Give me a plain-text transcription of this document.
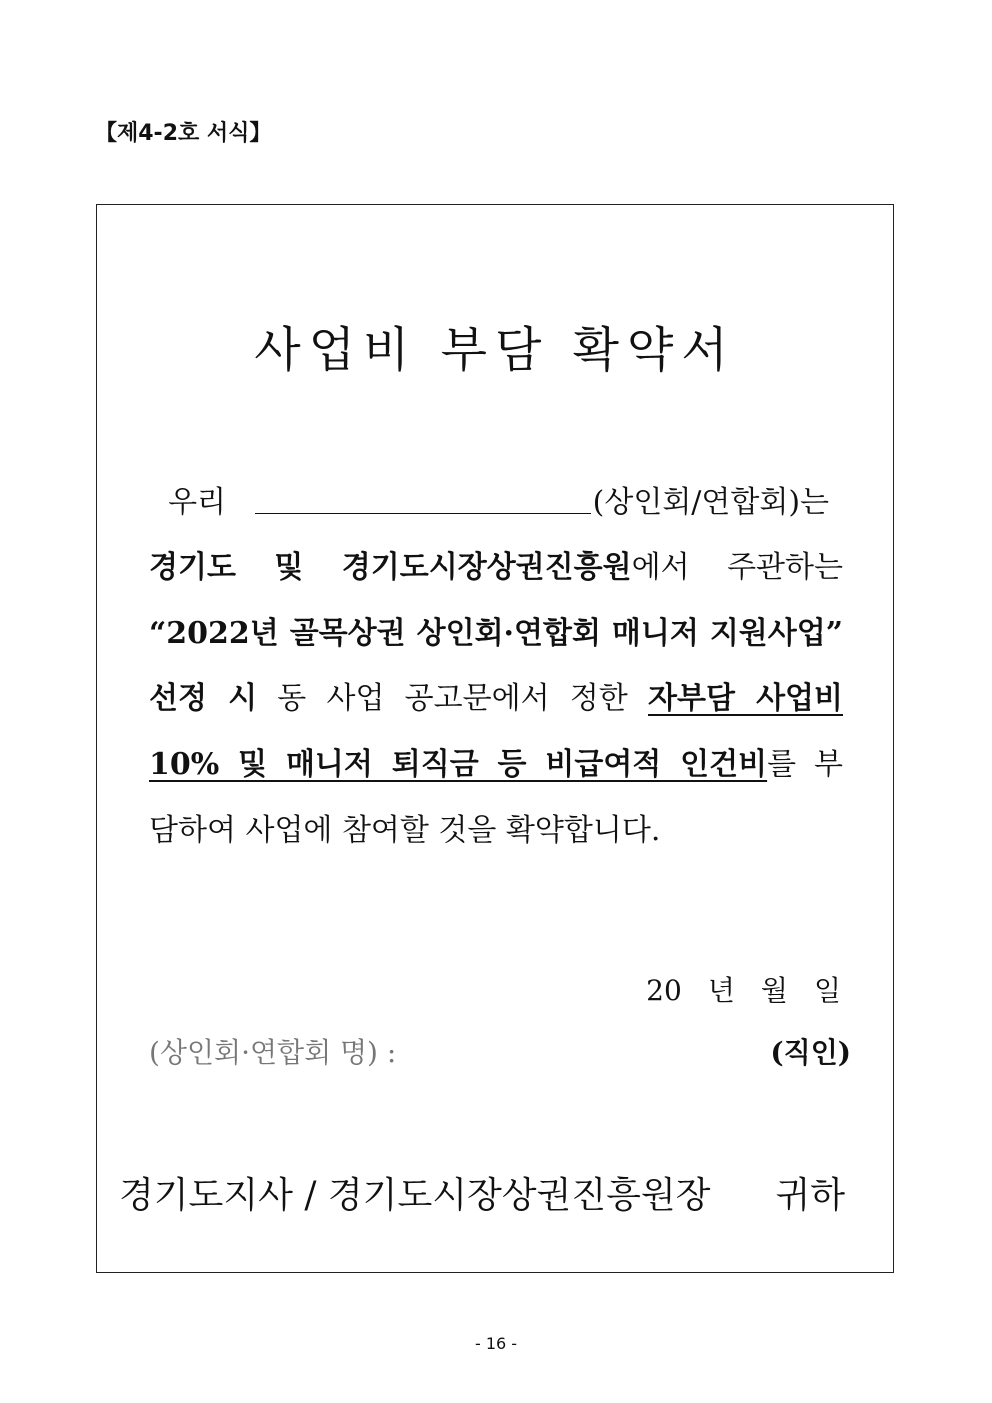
【제4-2호 서식】
사업비 부담 확약서
우리	(상인회/연합회)는
경기도 및 경기도시장상권진흥원에서 주관하는
“2022년 골목상권 상인회·연합회 매니저 지원사업”
선정 시 동 사업 공고문에서 정한 자부담 사업비
10% 및 매니저 퇴직금 등 비급여적 인건비를 부
담하여 사업에 참여할 것을 확약합니다.
20 년 월 일
(상인회·연합회 명) :	(직인)
경기도지사 / 경기도시장상권진흥원장 귀하
- 16 -
